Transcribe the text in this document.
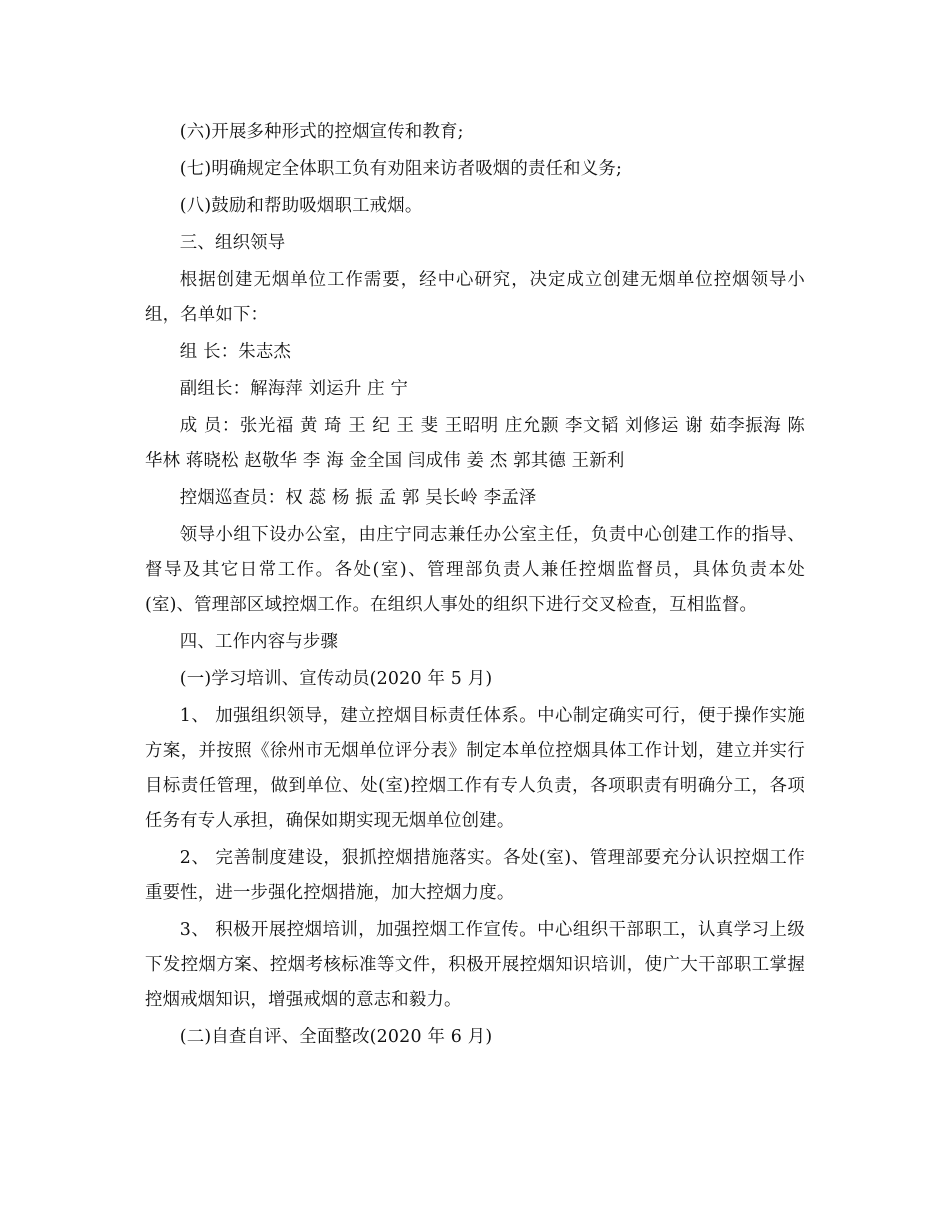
(六)开展多种形式的控烟宣传和教育;

(七)明确规定全体职工负有劝阻来访者吸烟的责任和义务;

(八)鼓励和帮助吸烟职工戒烟。

三、组织领导

根据创建无烟单位工作需要，经中心研究，决定成立创建无烟单位控烟领导小组，名单如下：

组 长：朱志杰

副组长：解海萍 刘运升 庄 宁

成 员：张光福 黄 琦 王 纪 王 斐 王昭明 庄允颢 李文韬 刘修运 谢 茹李振海 陈华林 蒋晓松 赵敬华 李 海 金全国 闫成伟 姜 杰 郭其德 王新利

控烟巡查员：权 蕊 杨 振 孟 郭 吴长岭 李孟泽

领导小组下设办公室，由庄宁同志兼任办公室主任，负责中心创建工作的指导、督导及其它日常工作。各处(室)、管理部负责人兼任控烟监督员，具体负责本处(室)、管理部区域控烟工作。在组织人事处的组织下进行交叉检查，互相监督。

四、工作内容与步骤

(一)学习培训、宣传动员(2020 年 5 月)

1、 加强组织领导，建立控烟目标责任体系。中心制定确实可行，便于操作实施方案，并按照《徐州市无烟单位评分表》制定本单位控烟具体工作计划，建立并实行目标责任管理，做到单位、处(室)控烟工作有专人负责，各项职责有明确分工，各项任务有专人承担，确保如期实现无烟单位创建。

2、 完善制度建设，狠抓控烟措施落实。各处(室)、管理部要充分认识控烟工作重要性，进一步强化控烟措施，加大控烟力度。

3、 积极开展控烟培训，加强控烟工作宣传。中心组织干部职工，认真学习上级下发控烟方案、控烟考核标准等文件，积极开展控烟知识培训，使广大干部职工掌握控烟戒烟知识，增强戒烟的意志和毅力。

(二)自查自评、全面整改(2020 年 6 月)
